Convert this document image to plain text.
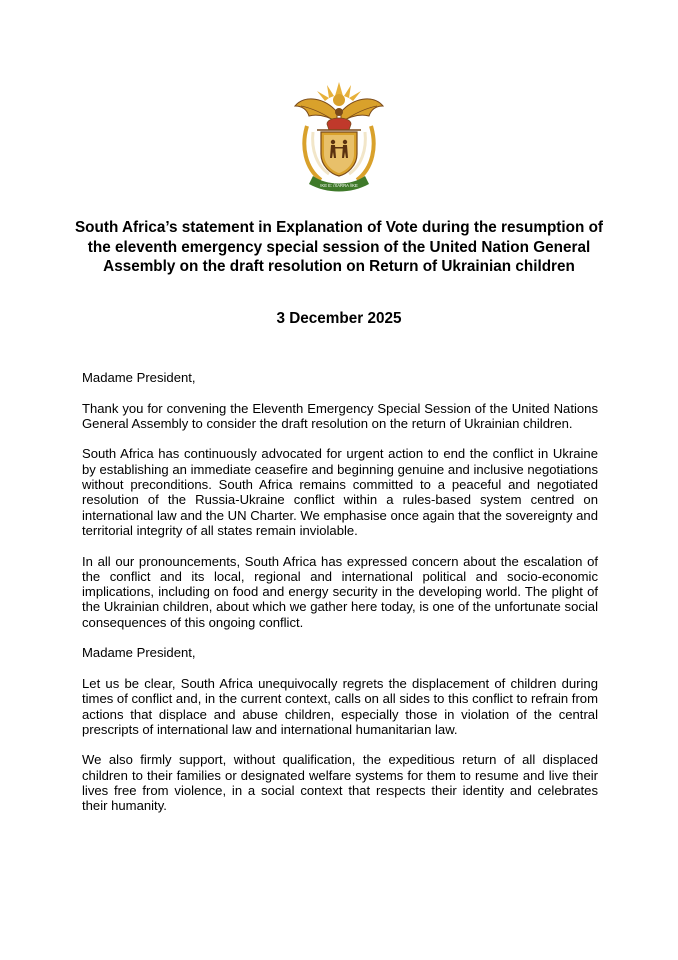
!KE E: /XARRA //KE
South Africa’s statement in Explanation of Vote during the resumption of the eleventh emergency special session of the United Nation General Assembly on the draft resolution on Return of Ukrainian children
3 December 2025

Madame President,

Thank you for convening the Eleventh Emergency Special Session of the United Nations General Assembly to consider the draft resolution on the return of Ukrainian children.

South Africa has continuously advocated for urgent action to end the conflict in Ukraine by establishing an immediate ceasefire and beginning genuine and inclusive negotiations without preconditions. South Africa remains committed to a peaceful and negotiated resolution of the Russia-Ukraine conflict within a rules-based system centred on international law and the UN Charter. We emphasise once again that the sovereignty and territorial integrity of all states remain inviolable.

In all our pronouncements, South Africa has expressed concern about the escalation of the conflict and its local, regional and international political and socio-economic implications, including on food and energy security in the developing world. The plight of the Ukrainian children, about which we gather here today, is one of the unfortunate social consequences of this ongoing conflict.

Madame President,

Let us be clear, South Africa unequivocally regrets the displacement of children during times of conflict and, in the current context, calls on all sides to this conflict to refrain from actions that displace and abuse children, especially those in violation of the central prescripts of international law and international humanitarian law.

We also firmly support, without qualification, the expeditious return of all displaced children to their families or designated welfare systems for them to resume and live their lives free from violence, in a social context that respects their identity and celebrates their humanity.
